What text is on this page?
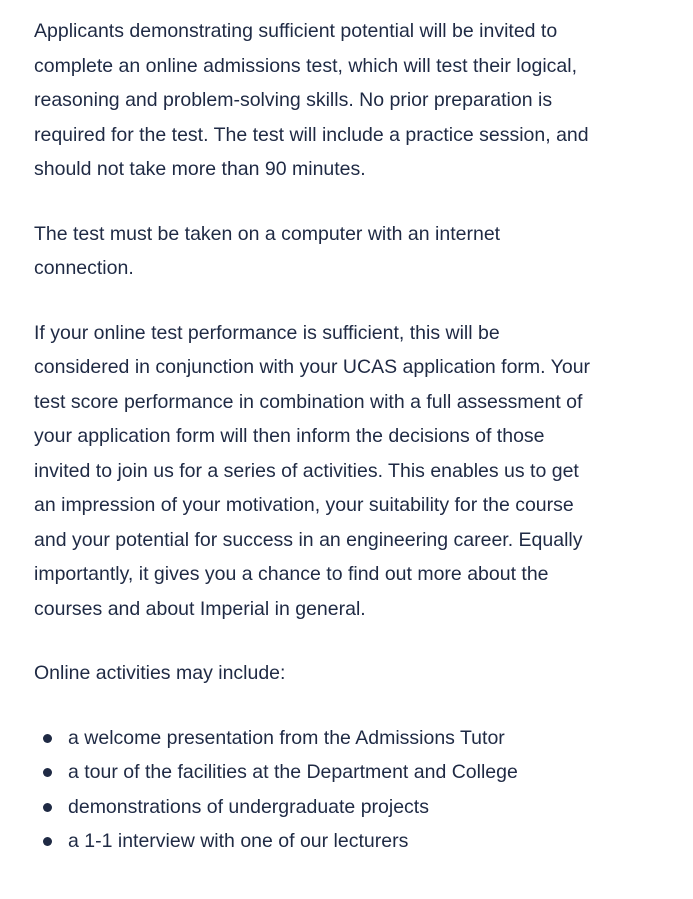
Applicants demonstrating sufficient potential will be invited to complete an online admissions test, which will test their logical, reasoning and problem-solving skills. No prior preparation is required for the test. The test will include a practice session, and should not take more than 90 minutes.

The test must be taken on a computer with an internet connection.

If your online test performance is sufficient, this will be considered in conjunction with your UCAS application form. Your test score performance in combination with a full assessment of your application form will then inform the decisions of those invited to join us for a series of activities. This enables us to get an impression of your motivation, your suitability for the course and your potential for success in an engineering career. Equally importantly, it gives you a chance to find out more about the courses and about Imperial in general.

Online activities may include:

a welcome presentation from the Admissions Tutor
a tour of the facilities at the Department and College
demonstrations of undergraduate projects
a 1-1 interview with one of our lecturers
